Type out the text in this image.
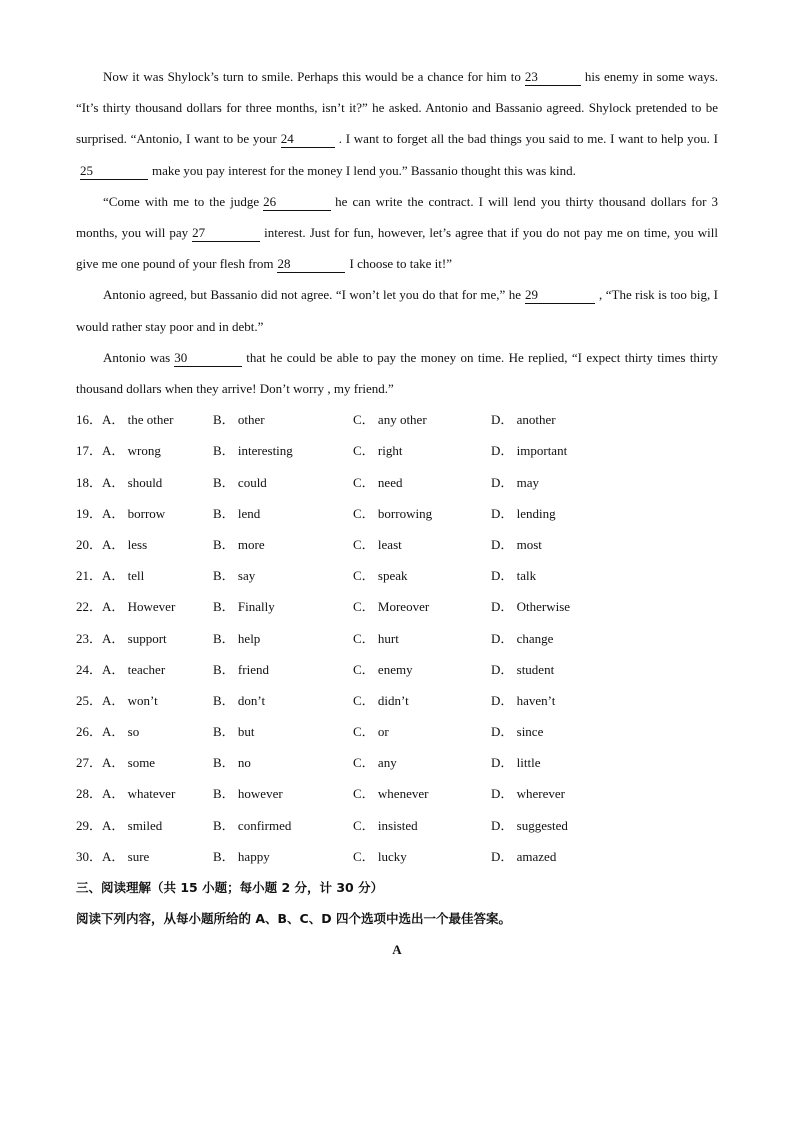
Now it was Shylock’s turn to smile. Perhaps this would be a chance for him to 23	his enemy in some ways. “It’s thirty thousand dollars for three months, isn’t it?” he asked. Antonio and Bassanio agreed. Shylock pretended to be surprised. “Antonio, I want to be your 24	. I want to forget all the bad things you said to me. I want to help you. I25	make you pay interest for the money I lend you.” Bassanio thought this was kind.

“Come with me to the judge 26	he can write the contract. I will lend you thirty thousand dollars for 3 months, you will pay 27	interest. Just for fun, however, let’s agree that if you do not pay me on time, you will give me one pound of your flesh from 28	I choose to take it!”

Antonio agreed, but Bassanio did not agree. “I won’t let you do that for me,” he 29	, “The risk is too big, I would rather stay poor and in debt.”

Antonio was 30	that he could be able to pay the money on time. He replied, “I expect thirty times thirty thousand dollars when they arrive! Don’t worry , my friend.”

16． A． the other	B． other	C． any other	D． another
17． A． wrong	B． interesting	C． right	D． important
18． A． should	B． could	C． need	D． may
19． A． borrow	B． lend	C． borrowing	D． lending
20． A． less	B． more	C． least	D． most
21． A． tell	B． say	C． speak	D． talk
22． A． However	B． Finally	C． Moreover	D． Otherwise
23． A． support	B． help	C． hurt	D． change
24． A． teacher	B． friend	C． enemy	D． student
25． A． won’t	B． don’t	C． didn’t	D． haven’t
26． A． so	B． but	C． or	D． since
27． A． some	B． no	C． any	D． little
28． A． whatever	B． however	C． whenever	D． wherever
29． A． smiled	B． confirmed	C． insisted	D． suggested
30． A． sure	B． happy	C． lucky	D． amazed

三、阅读理解（共 15 小题；每小题 2 分，计 30 分）

阅读下列内容，从每小题所给的 A、B、C、D 四个选项中选出一个最佳答案。

A
